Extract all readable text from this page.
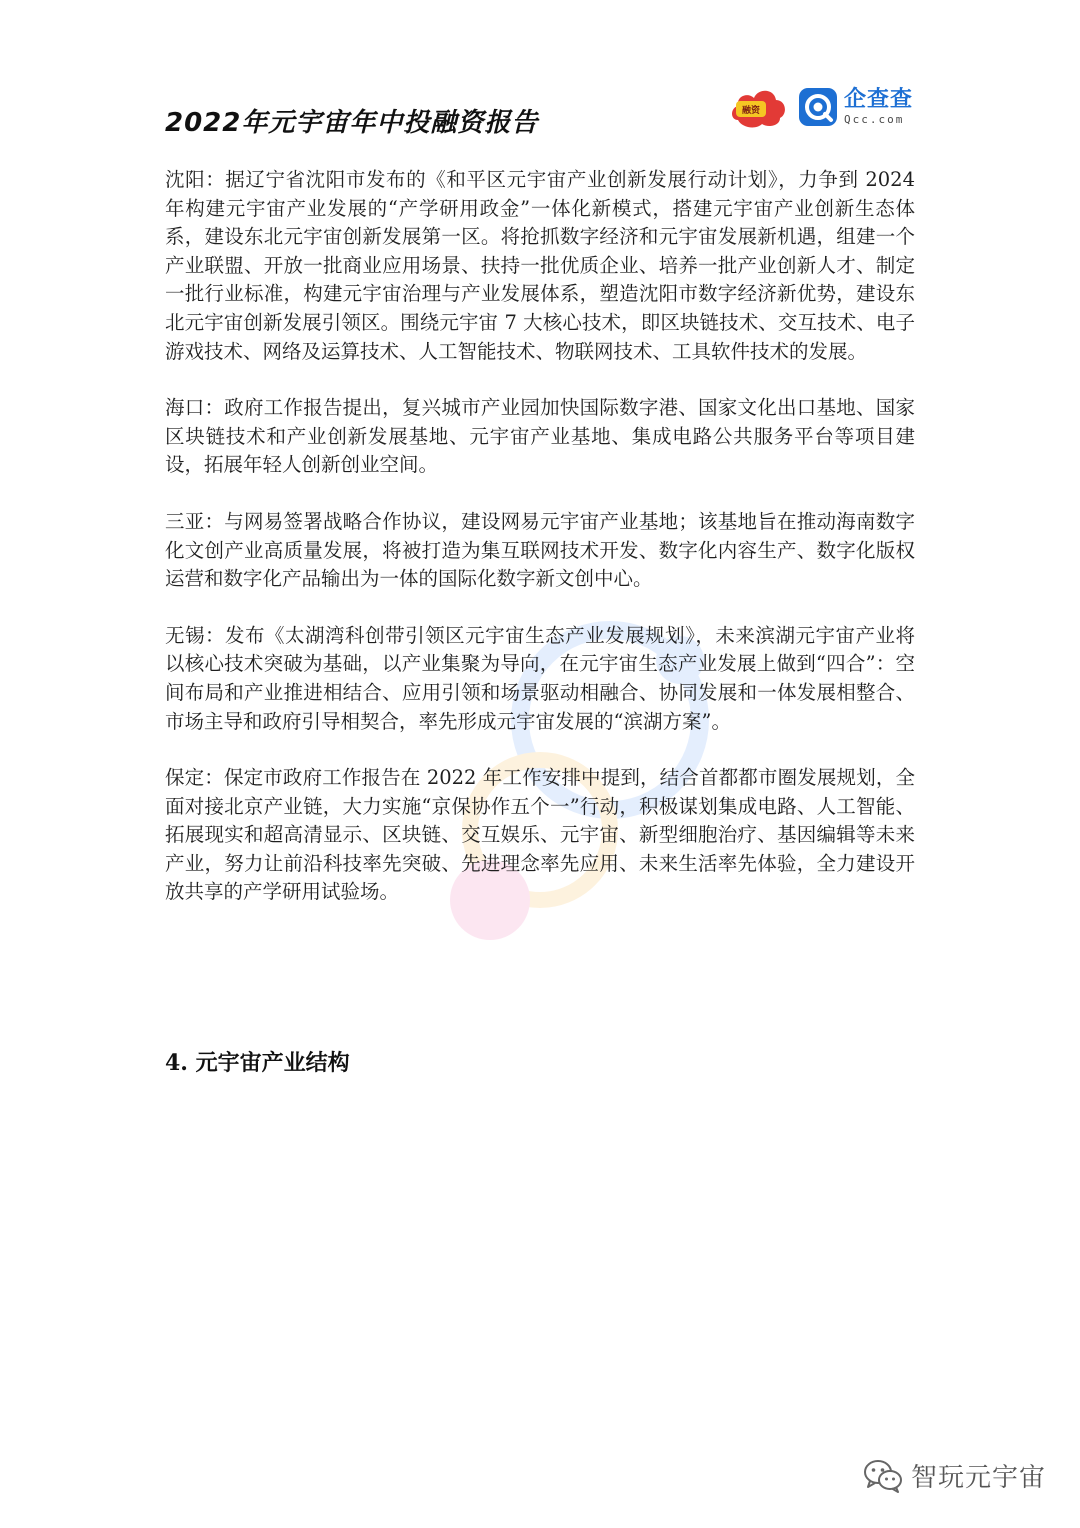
2022年元宇宙年中投融资报告	融资	企查查
Qcc.com

沈阳：据辽宁省沈阳市发布的《和平区元宇宙产业创新发展行动计划》，力争到 2024 年构建元宇宙产业发展的“产学研用政金”一体化新模式，搭建元宇宙产业创新生态体系，建设东北元宇宙创新发展第一区。将抢抓数字经济和元宇宙发展新机遇，组建一个产业联盟、开放一批商业应用场景、扶持一批优质企业、培养一批产业创新人才、制定一批行业标准，构建元宇宙治理与产业发展体系，塑造沈阳市数字经济新优势，建设东北元宇宙创新发展引领区。围绕元宇宙 7 大核心技术，即区块链技术、交互技术、电子游戏技术、网络及运算技术、人工智能技术、物联网技术、工具软件技术的发展。

海口：政府工作报告提出，复兴城市产业园加快国际数字港、国家文化出口基地、国家区块链技术和产业创新发展基地、元宇宙产业基地、集成电路公共服务平台等项目建设，拓展年轻人创新创业空间。

三亚：与网易签署战略合作协议，建设网易元宇宙产业基地；该基地旨在推动海南数字化文创产业高质量发展，将被打造为集互联网技术开发、数字化内容生产、数字化版权运营和数字化产品输出为一体的国际化数字新文创中心。

无锡：发布《太湖湾科创带引领区元宇宙生态产业发展规划》，未来滨湖元宇宙产业将以核心技术突破为基础，以产业集聚为导向，在元宇宙生态产业发展上做到“四合”：空间布局和产业推进相结合、应用引领和场景驱动相融合、协同发展和一体发展相整合、市场主导和政府引导相契合，率先形成元宇宙发展的“滨湖方案”。

保定：保定市政府工作报告在 2022 年工作安排中提到，结合首都都市圈发展规划，全面对接北京产业链，大力实施“京保协作五个一”行动，积极谋划集成电路、人工智能、拓展现实和超高清显示、区块链、交互娱乐、元宇宙、新型细胞治疗、基因编辑等未来产业，努力让前沿科技率先突破、先进理念率先应用、未来生活率先体验，全力建设开放共享的产学研用试验场。

4. 元宇宙产业结构
智玩元宇宙
